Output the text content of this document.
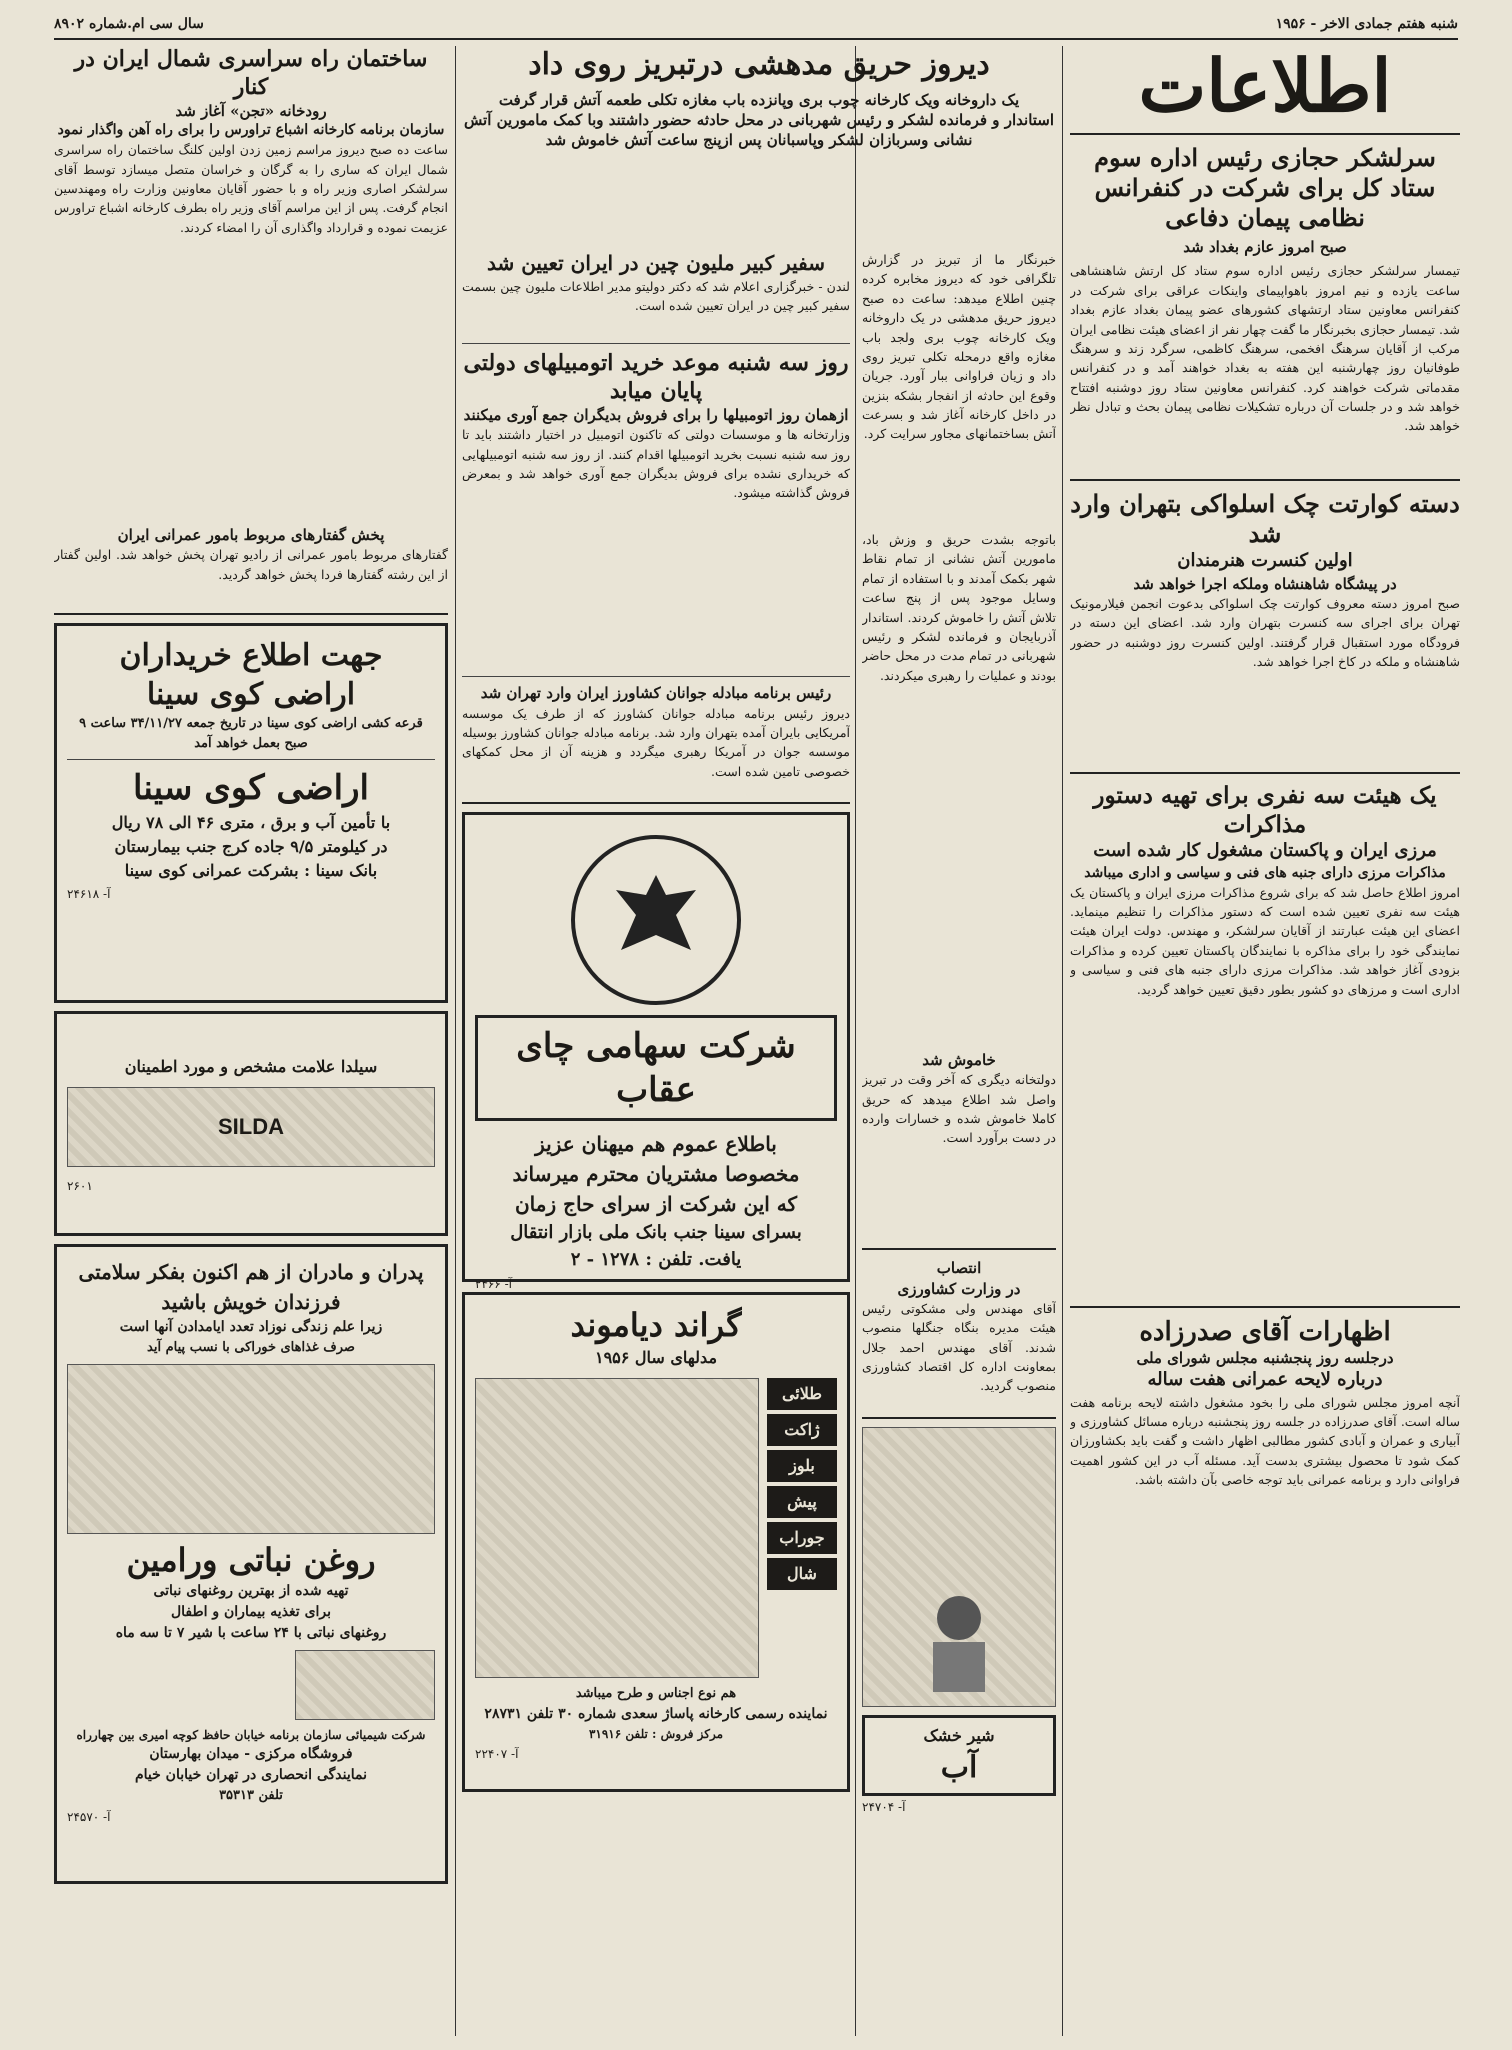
شنبه هفتم جمادی الاخر - ۱۹۵۶
سال سی ام.شماره ۸۹۰۲
اطلاعات
سرلشکر حجازی رئیس اداره سوم ستاد کل برای شرکت در کنفرانس نظامی پیمان دفاعی
صبح امروز عازم بغداد شد
تیمسار سرلشکر حجازی رئیس اداره سوم ستاد کل ارتش شاهنشاهی ساعت یازده و نیم امروز باهواپیمای واینکات عراقی برای شرکت در کنفرانس معاونین ستاد ارتشهای کشورهای عضو پیمان بغداد عازم بغداد شد. تیمسار حجازی بخبرنگار ما گفت چهار نفر از اعضای هیئت نظامی ایران مرکب از آقایان سرهنگ افخمی، سرهنگ کاظمی، سرگرد زند و سرهنگ طوفانیان روز چهارشنبه این هفته به بغداد خواهند آمد و در کنفرانس مقدماتی شرکت خواهند کرد. کنفرانس معاونین ستاد روز دوشنبه افتتاح خواهد شد و در جلسات آن درباره تشکیلات نظامی پیمان بحث و تبادل نظر خواهد شد.
دسته کوارتت چک اسلواکی بتهران وارد شد
اولین کنسرت هنرمندان
در پیشگاه شاهنشاه وملکه اجرا خواهد شد
صبح امروز دسته معروف کوارتت چک اسلواکی بدعوت انجمن فیلارمونیک تهران برای اجرای سه کنسرت بتهران وارد شد. اعضای این دسته در فرودگاه مورد استقبال قرار گرفتند. اولین کنسرت روز دوشنبه در حضور شاهنشاه و ملکه در کاخ اجرا خواهد شد.
یک هیئت سه نفری برای تهیه دستور مذاکرات
مرزی ایران و پاکستان مشغول کار شده است
مذاکرات مرزی دارای جنبه های فنی و سیاسی و اداری میباشد
امروز اطلاع حاصل شد که برای شروع مذاکرات مرزی ایران و پاکستان یک هیئت سه نفری تعیین شده است که دستور مذاکرات را تنظیم مینماید. اعضای این هیئت عبارتند از آقایان سرلشکر، و مهندس. دولت ایران هیئت نمایندگی خود را برای مذاکره با نمایندگان پاکستان تعیین کرده و مذاکرات بزودی آغاز خواهد شد. مذاکرات مرزی دارای جنبه های فنی و سیاسی و اداری است و مرزهای دو کشور بطور دقیق تعیین خواهد گردید.
اظهارات آقای صدرزاده
درجلسه روز پنجشنبه مجلس شورای ملی
درباره لایحه عمرانی هفت ساله
آنچه امروز مجلس شورای ملی را بخود مشغول داشته لایحه برنامه هفت ساله است. آقای صدرزاده در جلسه روز پنجشنبه درباره مسائل کشاورزی و آبیاری و عمران و آبادی کشور مطالبی اظهار داشت و گفت باید بکشاورزان کمک شود تا محصول بیشتری بدست آید. مسئله آب در این کشور اهمیت فراوانی دارد و برنامه عمرانی باید توجه خاصی بآن داشته باشد.
دیروز حریق مدهشی درتبریز روی داد
یک داروخانه ویک کارخانه چوب بری وپانزده باب مغازه تکلی طعمه آتش قرار گرفت
استاندار و فرمانده لشکر و رئیس شهربانی در محل حادثه حضور داشتند وبا کمک مامورین آتش نشانی وسربازان لشکر وپاسبانان پس ازپنج ساعت آتش خاموش شد
خبرنگار ما از تبریز در گزارش تلگرافی خود که دیروز مخابره کرده چنین اطلاع میدهد: ساعت ده صبح دیروز حریق مدهشی در یک داروخانه ویک کارخانه چوب بری ولجد باب مغازه واقع درمحله تکلی تبریز روی داد و زیان فراوانی ببار آورد. جریان وقوع این حادثه از انفجار بشکه بنزین در داخل کارخانه آغاز شد و بسرعت آتش بساختمانهای مجاور سرایت کرد.
باتوجه بشدت حریق و وزش باد، مامورین آتش نشانی از تمام نقاط شهر بکمک آمدند و با استفاده از تمام وسایل موجود پس از پنج ساعت تلاش آتش را خاموش کردند. استاندار آذربایجان و فرمانده لشکر و رئیس شهربانی در تمام مدت در محل حاضر بودند و عملیات را رهبری میکردند.
خاموش شد
دولتخانه دیگری که آخر وقت در تبریز واصل شد اطلاع میدهد که حریق کاملا خاموش شده و خسارات وارده در دست برآورد است.
انتصاب
در وزارت کشاورزی
آقای مهندس ولی مشکوتی رئیس هیئت مدیره بنگاه جنگلها منصوب شدند. آقای مهندس احمد جلال بمعاونت اداره کل اقتصاد کشاورزی منصوب گردید.
شیر خشک
آب
آ- ۲۴۷۰۴
سفیر کبیر ملیون چین در ایران تعیین شد
لندن - خبرگزاری اعلام شد که دکتر دولیتو مدیر اطلاعات ملیون چین بسمت سفیر کبیر چین در ایران تعیین شده است.
روز سه شنبه موعد خرید اتومبیلهای دولتی پایان میابد
ازهمان روز اتومبیلها را برای فروش بدیگران جمع آوری میکنند
وزارتخانه ها و موسسات دولتی که تاکنون اتومبیل در اختیار داشتند باید تا روز سه شنبه نسبت بخرید اتومبیلها اقدام کنند. از روز سه شنبه اتومبیلهایی که خریداری نشده برای فروش بدیگران جمع آوری خواهد شد و بمعرض فروش گذاشته میشود.
رئیس برنامه مبادله جوانان کشاورز ایران وارد تهران شد
دیروز رئیس برنامه مبادله جوانان کشاورز که از طرف یک موسسه آمریکایی بایران آمده بتهران وارد شد. برنامه مبادله جوانان کشاورز بوسیله موسسه جوان در آمریکا رهبری میگردد و هزینه آن از محل کمکهای خصوصی تامین شده است.
شرکت سهامی چای عقاب
باطلاع عموم هم میهنان عزیز
مخصوصا مشتریان محترم میرساند
که این شرکت از سرای حاج زمان
بسرای سینا جنب بانک ملی بازار انتقال
یافت. تلفن : ۱۲۷۸ - ۲
آ- ۲۴۶۶
گراند دیاموند
مدلهای سال ۱۹۵۶
طلائی
ژاکت
بلوز
پیش
جوراب
شال
هم نوع اجناس و طرح میباشد
نماینده رسمی کارخانه پاساژ سعدی شماره ۳۰ تلفن ۲۸۷۳۱
مرکز فروش : تلفن ۳۱۹۱۶
آ- ۲۲۴۰۷
ساختمان راه سراسری شمال ایران در کنار
رودخانه «تجن» آغاز شد
سازمان برنامه کارخانه اشباع تراورس را برای راه آهن واگذار نمود
ساعت ده صبح دیروز مراسم زمین زدن اولین کلنگ ساختمان راه سراسری شمال ایران که ساری را به گرگان و خراسان متصل میسازد توسط آقای سرلشکر اصاری وزیر راه و با حضور آقایان معاونین وزارت راه ومهندسین انجام گرفت. پس از این مراسم آقای وزیر راه بطرف کارخانه اشباع تراورس عزیمت نموده و قرارداد واگذاری آن را امضاء کردند.
پخش گفتارهای مربوط بامور عمرانی ایران
گفتارهای مربوط بامور عمرانی از رادیو تهران پخش خواهد شد. اولین گفتار از این رشته گفتارها فردا پخش خواهد گردید.
جهت اطلاع خریداران
اراضی کوی سینا
قرعه کشی اراضی کوی سینا در تاریخ جمعه ۳۴/۱۱/۲۷ ساعت ۹ صبح بعمل خواهد آمد
اراضی کوی سینا
با تأمین آب و برق ، متری ۴۶ الی ۷۸ ریال
در کیلومتر ۹/۵ جاده کرج جنب بیمارستان
بانک سینا : بشرکت عمرانی کوی سینا
آ- ۲۴۶۱۸
سیلدا علامت مشخص و مورد اطمینان
SILDA
۲۶۰۱
پدران و مادران از هم اکنون بفکر سلامتی فرزندان خویش باشید
زیرا علم زندگی نوزاد تعدد ایامدادن آنها است
صرف غذاهای خوراکی با نسب پیام آید
روغن نباتی ورامین
تهیه شده از بهترین روغنهای نباتی
برای تغذیه بیماران و اطفال
روغنهای نباتی با ۲۴ ساعت با شیر ۷ تا سه ماه
شرکت شیمیائی سازمان برنامه خیابان حافظ کوچه امیری بین چهارراه
فروشگاه مرکزی - میدان بهارستان
نمایندگی انحصاری در تهران خیابان خیام
تلفن ۳۵۳۱۳
آ- ۲۴۵۷۰
